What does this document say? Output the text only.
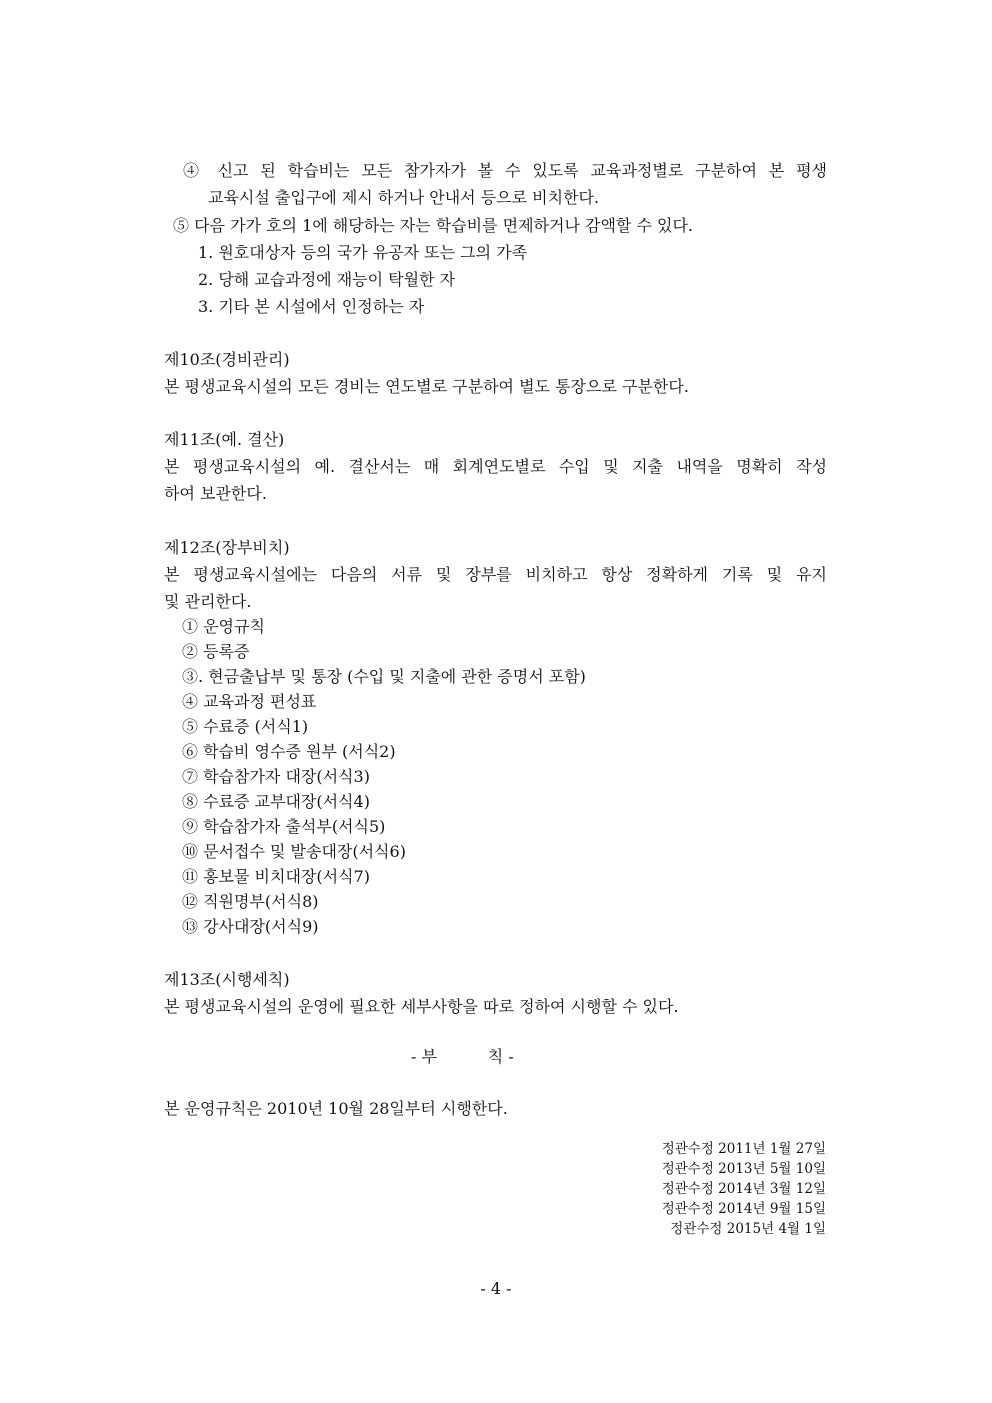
④ 신고 된 학습비는 모든 참가자가 볼 수 있도록 교육과정별로 구분하여 본 평생
교육시설 출입구에 제시 하거나 안내서 등으로 비치한다.
⑤ 다음 가가 호의 1에 해당하는 자는 학습비를 면제하거나 감액할 수 있다.
1. 원호대상자 등의 국가 유공자 또는 그의 가족
2. 당해 교습과정에 재능이 탁월한 자
3. 기타 본 시설에서 인정하는 자
제10조(경비관리)
본 평생교육시설의 모든 경비는 연도별로 구분하여 별도 통장으로 구분한다.
제11조(예. 결산)
본 평생교육시설의 예. 결산서는 매 회계연도별로 수입 및 지출 내역을 명확히 작성
하여 보관한다.
제12조(장부비치)
본 평생교육시설에는 다음의 서류 및 장부를 비치하고 항상 정확하게 기록 및 유지
및 관리한다.
① 운영규칙
② 등록증
③. 현금출납부 및 통장 (수입 및 지출에 관한 증명서 포함)
④ 교육과정 편성표
⑤ 수료증 (서식1)
⑥ 학습비 영수증 원부 (서식2)
⑦ 학습참가자 대장(서식3)
⑧ 수료증 교부대장(서식4)
⑨ 학습참가자 출석부(서식5)
⑩ 문서접수 및 발송대장(서식6)
⑪ 홍보물 비치대장(서식7)
⑫ 직원명부(서식8)
⑬ 강사대장(서식9)
제13조(시행세칙)
본 평생교육시설의 운영에 필요한 세부사항을 따로 정하여 시행할 수 있다.
- 부          칙 -
본 운영규칙은 2010년 10월 28일부터 시행한다.
정관수정 2011년 1월 27일
정관수정 2013년 5월 10일
정관수정 2014년 3월 12일
정관수정 2014년 9월 15일
정관수정 2015년 4월 1일
- 4 -
